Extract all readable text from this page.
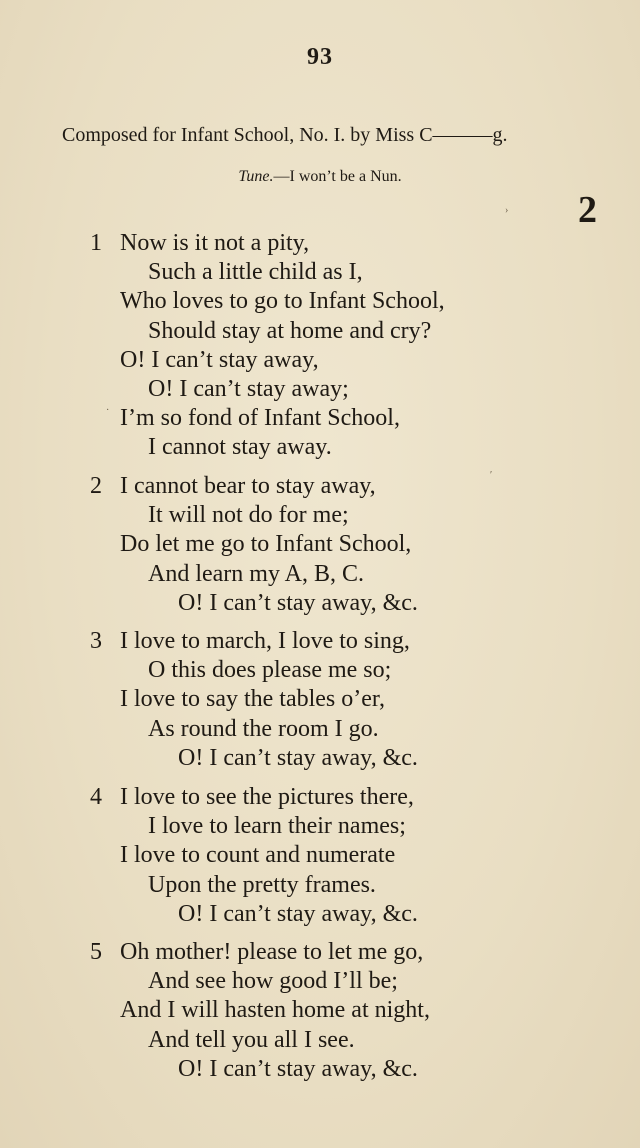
93
Composed for Infant School, No. I. by Miss C———g.
Tune.—I won’t be a Nun.
2
›
·
′
1 Now is it not a pity,
Such a little child as I,
Who loves to go to Infant School,
Should stay at home and cry?
O! I can’t stay away,
O! I can’t stay away;
I’m so fond of Infant School,
I cannot stay away.
2 I cannot bear to stay away,
It will not do for me;
Do let me go to Infant School,
And learn my A, B, C.
O! I can’t stay away, &c.
3 I love to march, I love to sing,
O this does please me so;
I love to say the tables o’er,
As round the room I go.
O! I can’t stay away, &c.
4 I love to see the pictures there,
I love to learn their names;
I love to count and numerate
Upon the pretty frames.
O! I can’t stay away, &c.
5 Oh mother! please to let me go,
And see how good I’ll be;
And I will hasten home at night,
And tell you all I see.
O! I can’t stay away, &c.
